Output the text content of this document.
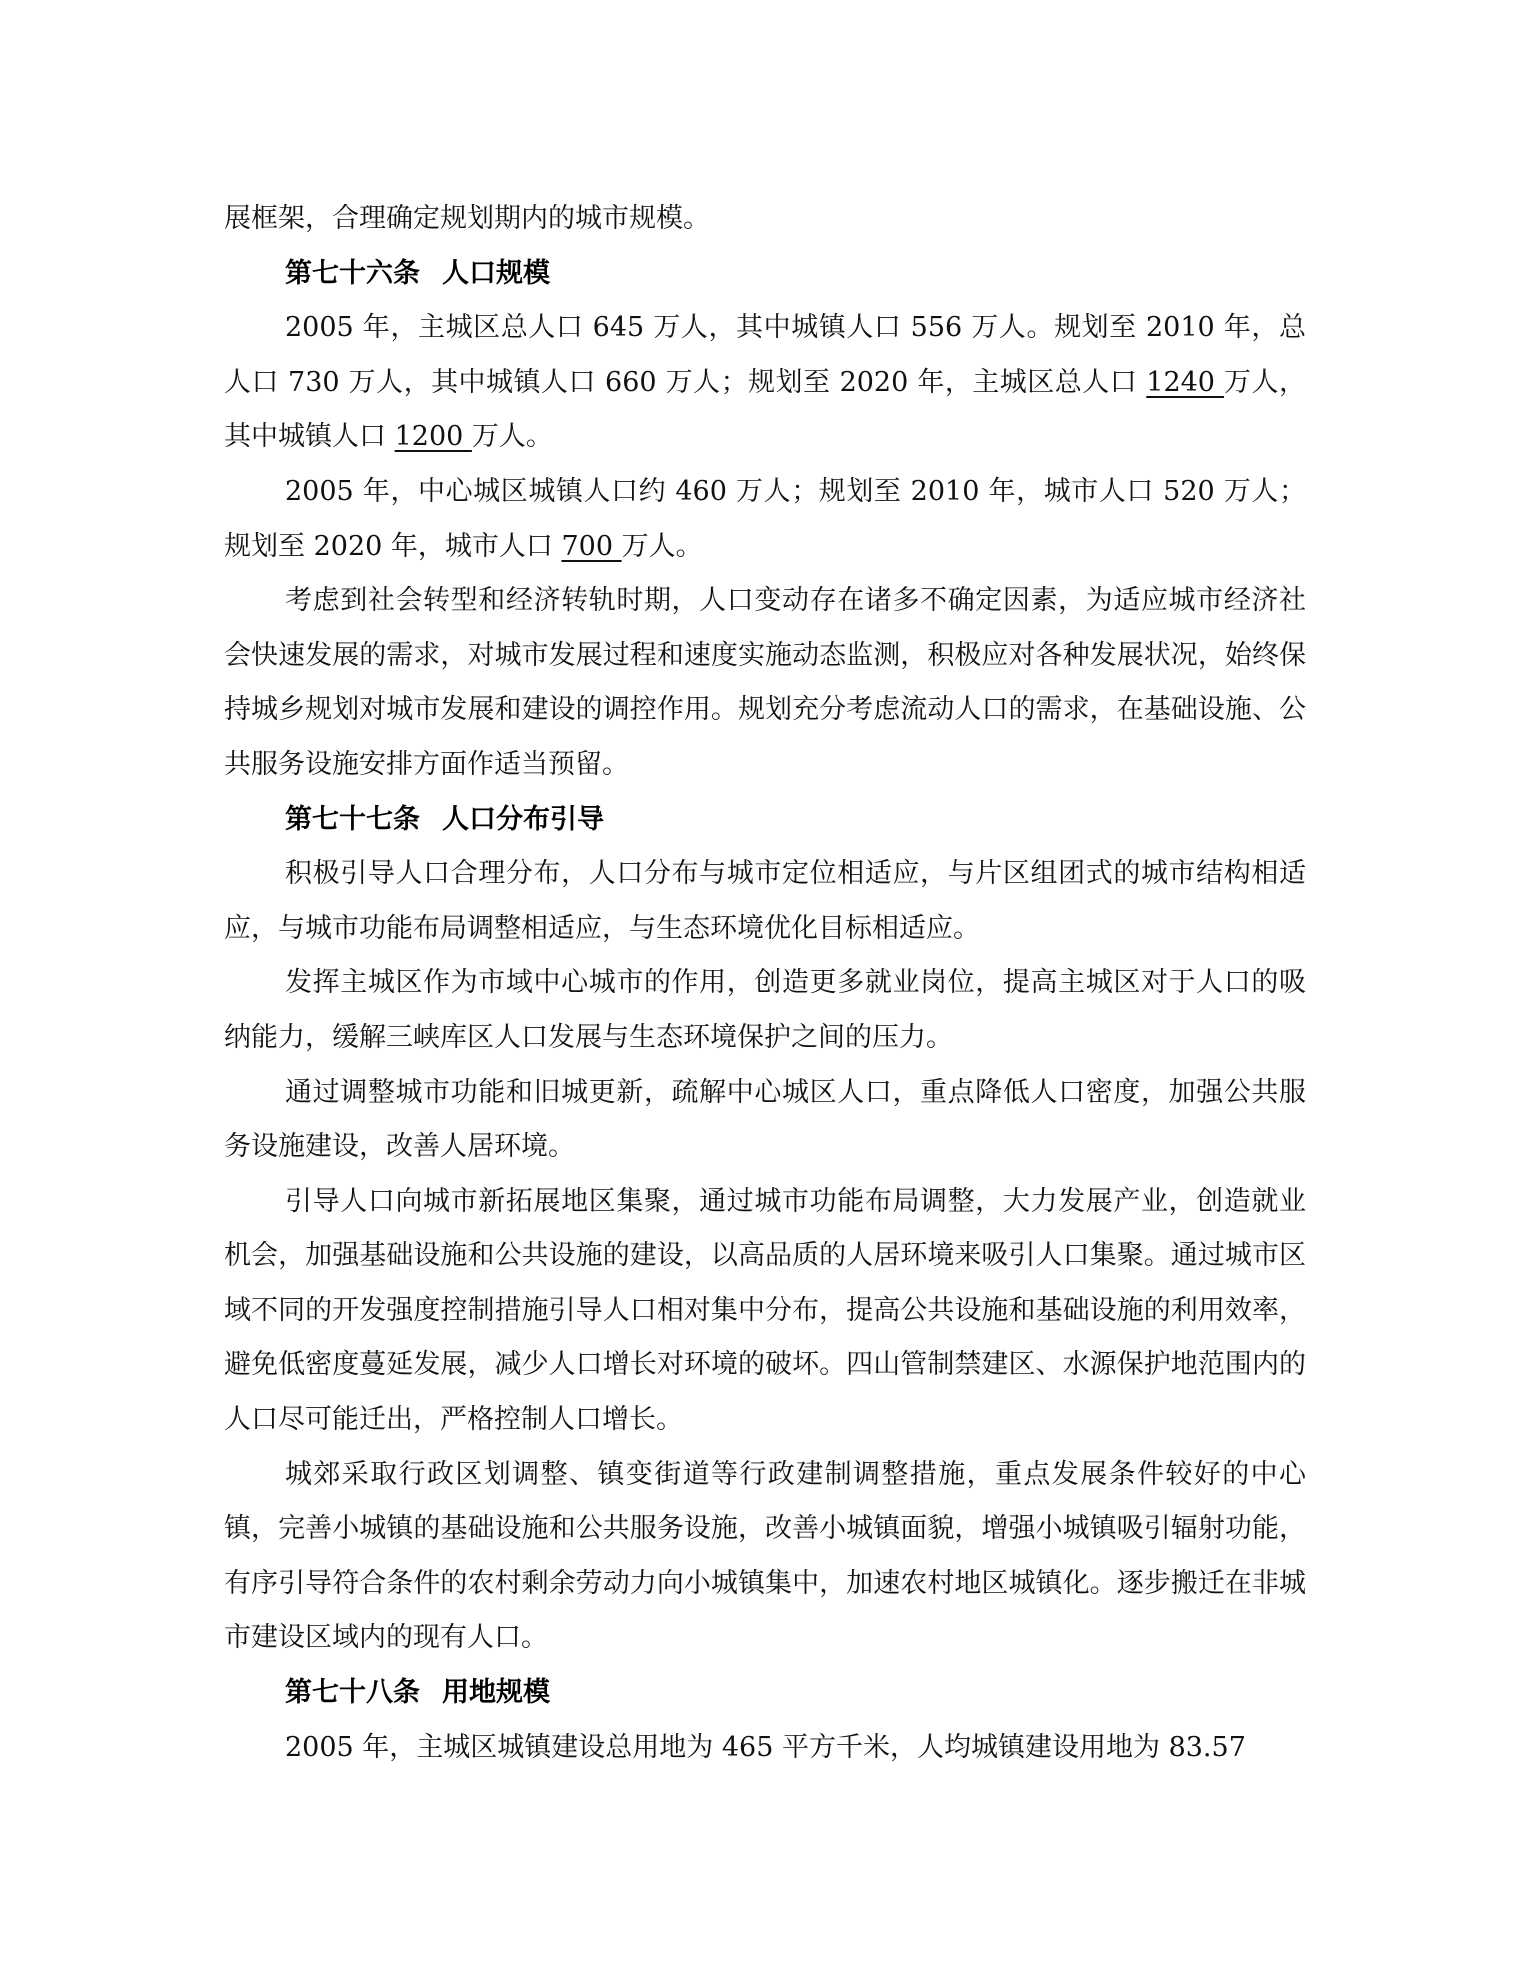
展框架，合理确定规划期内的城市规模。

第七十六条 人口规模

2005 年，主城区总人口 645 万人，其中城镇人口 556 万人。规划至 2010 年，总人口 730 万人，其中城镇人口 660 万人；规划至 2020 年，主城区总人口 1240 万人，其中城镇人口 1200 万人。

2005 年，中心城区城镇人口约 460 万人；规划至 2010 年，城市人口 520 万人；规划至 2020 年，城市人口 700 万人。

考虑到社会转型和经济转轨时期，人口变动存在诸多不确定因素，为适应城市经济社会快速发展的需求，对城市发展过程和速度实施动态监测，积极应对各种发展状况，始终保持城乡规划对城市发展和建设的调控作用。规划充分考虑流动人口的需求，在基础设施、公共服务设施安排方面作适当预留。

第七十七条 人口分布引导

积极引导人口合理分布，人口分布与城市定位相适应，与片区组团式的城市结构相适应，与城市功能布局调整相适应，与生态环境优化目标相适应。

发挥主城区作为市域中心城市的作用，创造更多就业岗位，提高主城区对于人口的吸纳能力，缓解三峡库区人口发展与生态环境保护之间的压力。

通过调整城市功能和旧城更新，疏解中心城区人口，重点降低人口密度，加强公共服务设施建设，改善人居环境。

引导人口向城市新拓展地区集聚，通过城市功能布局调整，大力发展产业，创造就业机会，加强基础设施和公共设施的建设，以高品质的人居环境来吸引人口集聚。通过城市区域不同的开发强度控制措施引导人口相对集中分布，提高公共设施和基础设施的利用效率，避免低密度蔓延发展，减少人口增长对环境的破坏。四山管制禁建区、水源保护地范围内的人口尽可能迁出，严格控制人口增长。

城郊采取行政区划调整、镇变街道等行政建制调整措施，重点发展条件较好的中心镇，完善小城镇的基础设施和公共服务设施，改善小城镇面貌，增强小城镇吸引辐射功能，有序引导符合条件的农村剩余劳动力向小城镇集中，加速农村地区城镇化。逐步搬迁在非城市建设区域内的现有人口。

第七十八条 用地规模

2005 年，主城区城镇建设总用地为 465 平方千米，人均城镇建设用地为 83.57
